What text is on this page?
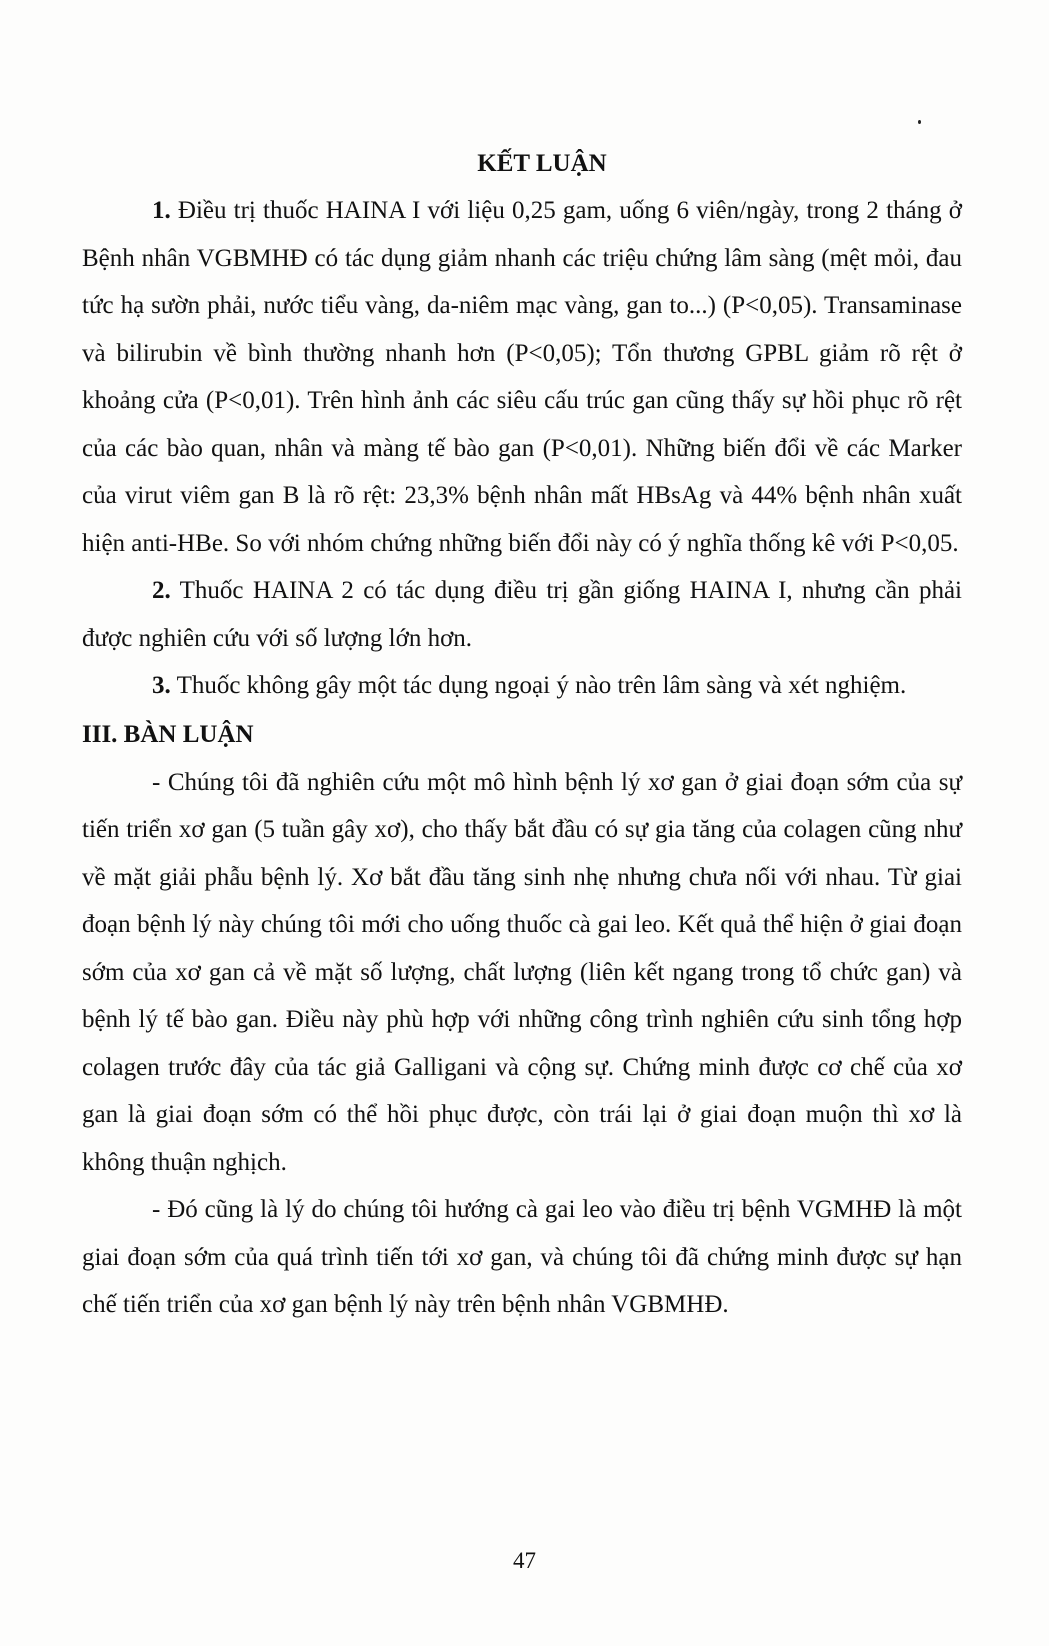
KẾT LUẬN

1. Điều trị thuốc HAINA I với liệu 0,25 gam, uống 6 viên/ngày, trong 2 tháng ở Bệnh nhân VGBMHĐ có tác dụng giảm nhanh các triệu chứng lâm sàng (mệt mỏi, đau tức hạ sườn phải, nước tiểu vàng, da-niêm mạc vàng, gan to...) (P<0,05). Transaminase và bilirubin về bình thường nhanh hơn (P<0,05); Tổn thương GPBL giảm rõ rệt ở khoảng cửa (P<0,01). Trên hình ảnh các siêu cấu trúc gan cũng thấy sự hồi phục rõ rệt của các bào quan, nhân và màng tế bào gan (P<0,01). Những biến đổi về các Marker của virut viêm gan B là rõ rệt: 23,3% bệnh nhân mất HBsAg và 44% bệnh nhân xuất hiện anti-HBe. So với nhóm chứng những biến đổi này có ý nghĩa thống kê với P<0,05.

2. Thuốc HAINA 2 có tác dụng điều trị gần giống HAINA I, nhưng cần phải được nghiên cứu với số lượng lớn hơn.

3. Thuốc không gây một tác dụng ngoại ý nào trên lâm sàng và xét nghiệm.

III. BÀN LUẬN

- Chúng tôi đã nghiên cứu một mô hình bệnh lý xơ gan ở giai đoạn sớm của sự tiến triển xơ gan (5 tuần gây xơ), cho thấy bắt đầu có sự gia tăng của colagen cũng như về mặt giải phẫu bệnh lý. Xơ bắt đầu tăng sinh nhẹ nhưng chưa nối với nhau. Từ giai đoạn bệnh lý này chúng tôi mới cho uống thuốc cà gai leo. Kết quả thể hiện ở giai đoạn sớm của xơ gan cả về mặt số lượng, chất lượng (liên kết ngang trong tổ chức gan) và bệnh lý tế bào gan. Điều này phù hợp với những công trình nghiên cứu sinh tổng hợp colagen trước đây của tác giả Galligani và cộng sự. Chứng minh được cơ chế của xơ gan là giai đoạn sớm có thể hồi phục được, còn trái lại ở giai đoạn muộn thì xơ là không thuận nghịch.

- Đó cũng là lý do chúng tôi hướng cà gai leo vào điều trị bệnh VGMHĐ là một giai đoạn sớm của quá trình tiến tới xơ gan, và chúng tôi đã chứng minh được sự hạn chế tiến triển của xơ gan bệnh lý này trên bệnh nhân VGBMHĐ.

47
